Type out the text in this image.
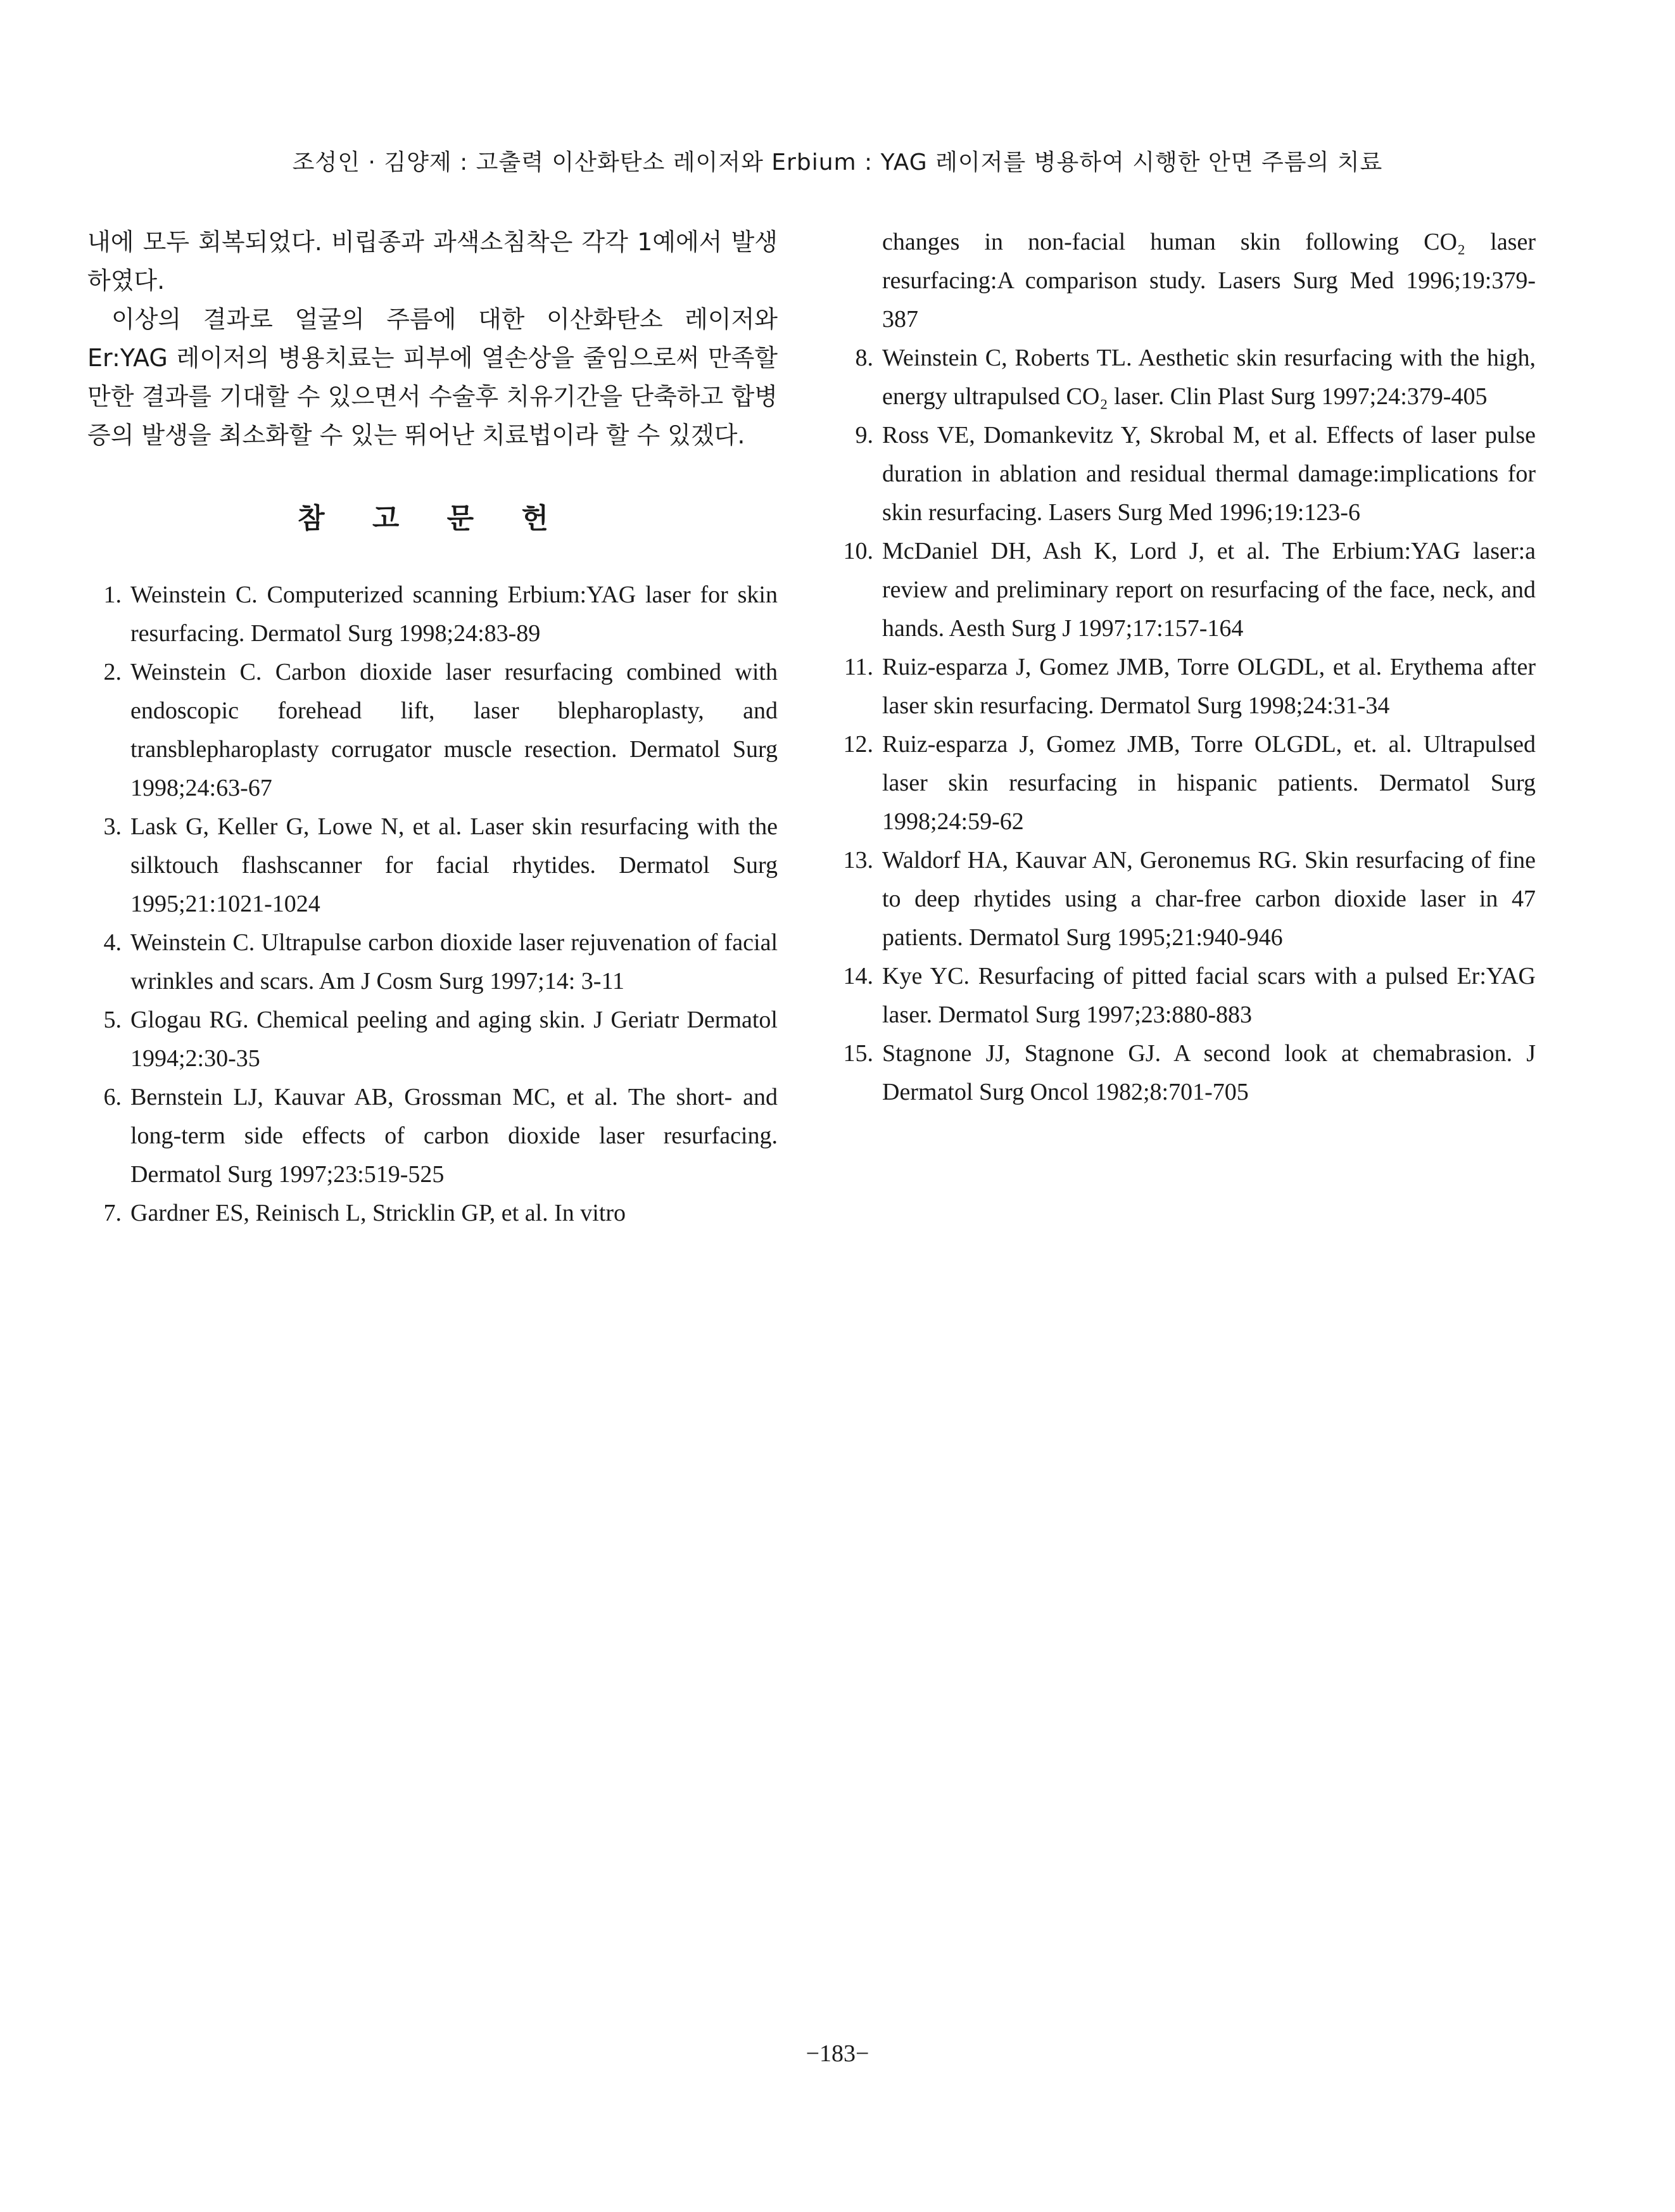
조성인 · 김양제 : 고출력 이산화탄소 레이저와 Erbium : YAG 레이저를 병용하여 시행한 안면 주름의 치료

내에 모두 회복되었다. 비립종과 과색소침착은 각각 1예에서 발생하였다.

이상의 결과로 얼굴의 주름에 대한 이산화탄소 레이저와 Er:YAG 레이저의 병용치료는 피부에 열손상을 줄임으로써 만족할 만한 결과를 기대할 수 있으면서 수술후 치유기간을 단축하고 합병증의 발생을 최소화할 수 있는 뛰어난 치료법이라 할 수 있겠다.

참 고 문 헌
1. Weinstein C. Computerized scanning Erbium:YAG laser for skin resurfacing. Dermatol Surg 1998;24:83-89
2. Weinstein C. Carbon dioxide laser resurfacing combined with endoscopic forehead lift, laser blepharoplasty, and transblepharoplasty corrugator muscle resection. Dermatol Surg 1998;24:63-67
3. Lask G, Keller G, Lowe N, et al. Laser skin resurfacing with the silktouch flashscanner for facial rhytides. Dermatol Surg 1995;21:1021-1024
4. Weinstein C. Ultrapulse carbon dioxide laser rejuvenation of facial wrinkles and scars. Am J Cosm Surg 1997;14: 3-11
5. Glogau RG. Chemical peeling and aging skin. J Geriatr Dermatol 1994;2:30-35
6. Bernstein LJ, Kauvar AB, Grossman MC, et al. The short- and long-term side effects of carbon dioxide laser resurfacing. Dermatol Surg 1997;23:519-525
7. Gardner ES, Reinisch L, Stricklin GP, et al. In vitro
changes in non-facial human skin following CO₂ laser resurfacing:A comparison study. Lasers Surg Med 1996;19:379-387
8. Weinstein C, Roberts TL. Aesthetic skin resurfacing with the high, energy ultrapulsed CO₂ laser. Clin Plast Surg 1997;24:379-405
9. Ross VE, Domankevitz Y, Skrobal M, et al. Effects of laser pulse duration in ablation and residual thermal damage:implications for skin resurfacing. Lasers Surg Med 1996;19:123-6
10. McDaniel DH, Ash K, Lord J, et al. The Erbium:YAG laser:a review and preliminary report on resurfacing of the face, neck, and hands. Aesth Surg J 1997;17:157-164
11. Ruiz-esparza J, Gomez JMB, Torre OLGDL, et al. Erythema after laser skin resurfacing. Dermatol Surg 1998;24:31-34
12. Ruiz-esparza J, Gomez JMB, Torre OLGDL, et. al. Ultrapulsed laser skin resurfacing in hispanic patients. Dermatol Surg 1998;24:59-62
13. Waldorf HA, Kauvar AN, Geronemus RG. Skin resurfacing of fine to deep rhytides using a char-free carbon dioxide laser in 47 patients. Dermatol Surg 1995;21:940-946
14. Kye YC. Resurfacing of pitted facial scars with a pulsed Er:YAG laser. Dermatol Surg 1997;23:880-883
15. Stagnone JJ, Stagnone GJ. A second look at chemabrasion. J Dermatol Surg Oncol 1982;8:701-705
−183−
